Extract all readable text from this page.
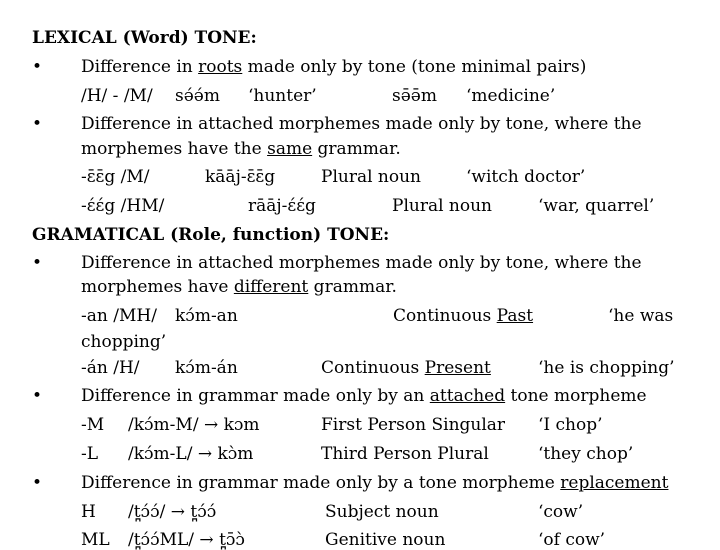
LEXICAL (Word) TONE:
• Difference in roots made only by tone (tone minimal pairs)
/H/ - /M/ sə́ə́m ‘hunter’	sə̄ə̄m ‘medicine’
• Difference in attached morphemes made only by tone, where the
morphemes have the same grammar.
-ɛ̄ɛ̄g /M/	kāāj-ɛ̄ɛ̄g	Plural noun	‘witch doctor’
-ɛ́ɛ́g /HM/	rāāj-ɛ́ɛ́g	Plural noun	‘war, quarrel’
GRAMATICAL (Role, function) TONE:
• Difference in attached morphemes made only by tone, where the
morphemes have different grammar.
-an /MH/ kɔ́m-an	Continuous Past	‘he was
chopping’
-án /H/ kɔ́m-án	Continuous Present	‘he is chopping’
• Difference in grammar made only by an attached tone morpheme
-M /kɔ́m-M/ → kɔm	First Person Singular ‘I chop’
-L /kɔ́m-L/ → kɔ̀m	Third Person Plural	‘they chop’
• Difference in grammar made only by a tone morpheme replacement
H /t̪ɔ́ɔ́/ → t̪ɔ́ɔ́	Subject noun	‘cow’
ML /t̪ɔ́ɔ́ML/ → t̪ɔ̄ɔ̀	Genitive noun	‘of cow’
